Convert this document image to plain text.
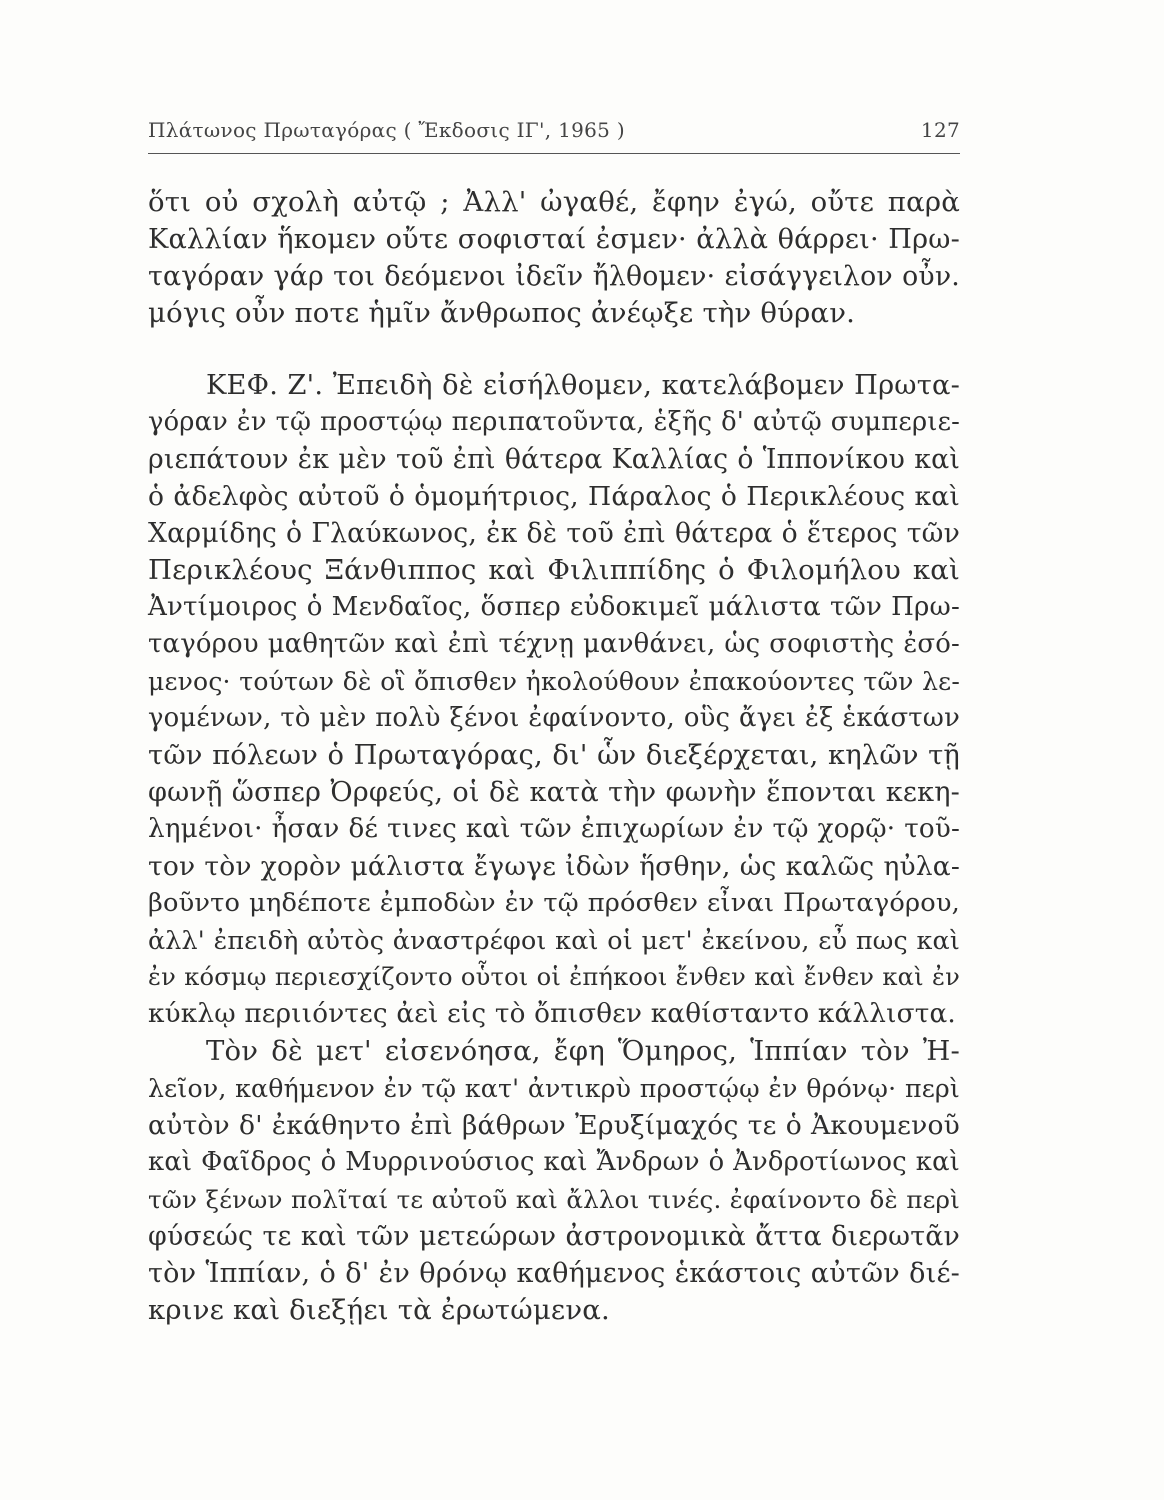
Πλάτωνος Πρωταγόρας ( Ἔκδοσις ΙΓ', 1965 )	127
ὅτι οὐ σχολὴ αὐτῷ ; Ἀλλ' ὠγαθέ, ἔφην ἐγώ, οὔτε παρὰ
Καλλίαν ἥκομεν οὔτε σοφισταί ἐσμεν· ἀλλὰ θάρρει· Πρω-
ταγόραν γάρ τοι δεόμενοι ἰδεῖν ἤλθομεν· εἰσάγγειλον οὖν.
μόγις οὖν ποτε ἡμῖν ἄνθρωπος ἀνέῳξε τὴν θύραν.
ΚΕΦ. Ζ'. Ἐπειδὴ δὲ εἰσήλθομεν, κατελάβομεν Πρωτα-
γόραν ἐν τῷ προστῴῳ περιπατοῦντα, ἑξῆς δ' αὐτῷ συμπεριε-
ριεπάτουν ἐκ μὲν τοῦ ἐπὶ θάτερα Καλλίας ὁ Ἱππονίκου καὶ
ὁ ἀδελφὸς αὐτοῦ ὁ ὁμομήτριος, Πάραλος ὁ Περικλέους καὶ
Χαρμίδης ὁ Γλαύκωνος, ἐκ δὲ τοῦ ἐπὶ θάτερα ὁ ἕτερος τῶν
Περικλέους Ξάνθιππος καὶ Φιλιππίδης ὁ Φιλομήλου καὶ
Ἀντίμοιρος ὁ Μενδαῖος, ὅσπερ εὐδοκιμεῖ μάλιστα τῶν Πρω-
ταγόρου μαθητῶν καὶ ἐπὶ τέχνῃ μανθάνει, ὡς σοφιστὴς ἐσό-
μενος· τούτων δὲ οἳ ὄπισθεν ἠκολούθουν ἐπακούοντες τῶν λε-
γομένων, τὸ μὲν πολὺ ξένοι ἐφαίνοντο, οὓς ἄγει ἐξ ἑκάστων
τῶν πόλεων ὁ Πρωταγόρας, δι' ὧν διεξέρχεται, κηλῶν τῇ
φωνῇ ὥσπερ Ὀρφεύς, οἱ δὲ κατὰ τὴν φωνὴν ἕπονται κεκη-
λημένοι· ἦσαν δέ τινες καὶ τῶν ἐπιχωρίων ἐν τῷ χορῷ· τοῦ-
τον τὸν χορὸν μάλιστα ἔγωγε ἰδὼν ἥσθην, ὡς καλῶς ηὐλα-
βοῦντο μηδέποτε ἐμποδὼν ἐν τῷ πρόσθεν εἶναι Πρωταγόρου,
ἀλλ' ἐπειδὴ αὐτὸς ἀναστρέφοι καὶ οἱ μετ' ἐκείνου, εὖ πως καὶ
ἐν κόσμῳ περιεσχίζοντο οὗτοι οἱ ἐπήκοοι ἔνθεν καὶ ἔνθεν καὶ ἐν
κύκλῳ περιιόντες ἀεὶ εἰς τὸ ὄπισθεν καθίσταντο κάλλιστα.
Τὸν δὲ μετ' εἰσενόησα, ἔφη Ὅμηρος, Ἱππίαν τὸν Ἠ-
λεῖον, καθήμενον ἐν τῷ κατ' ἀντικρὺ προστῴῳ ἐν θρόνῳ· περὶ
αὐτὸν δ' ἐκάθηντο ἐπὶ βάθρων Ἐρυξίμαχός τε ὁ Ἀκουμενοῦ
καὶ Φαῖδρος ὁ Μυρρινούσιος καὶ Ἄνδρων ὁ Ἀνδροτίωνος καὶ
τῶν ξένων πολῖταί τε αὐτοῦ καὶ ἄλλοι τινές. ἐφαίνοντο δὲ περὶ
φύσεώς τε καὶ τῶν μετεώρων ἀστρονομικὰ ἄττα διερωτᾶν
τὸν Ἱππίαν, ὁ δ' ἐν θρόνῳ καθήμενος ἑκάστοις αὐτῶν διέ-
κρινε καὶ διεξῄει τὰ ἐρωτώμενα.
